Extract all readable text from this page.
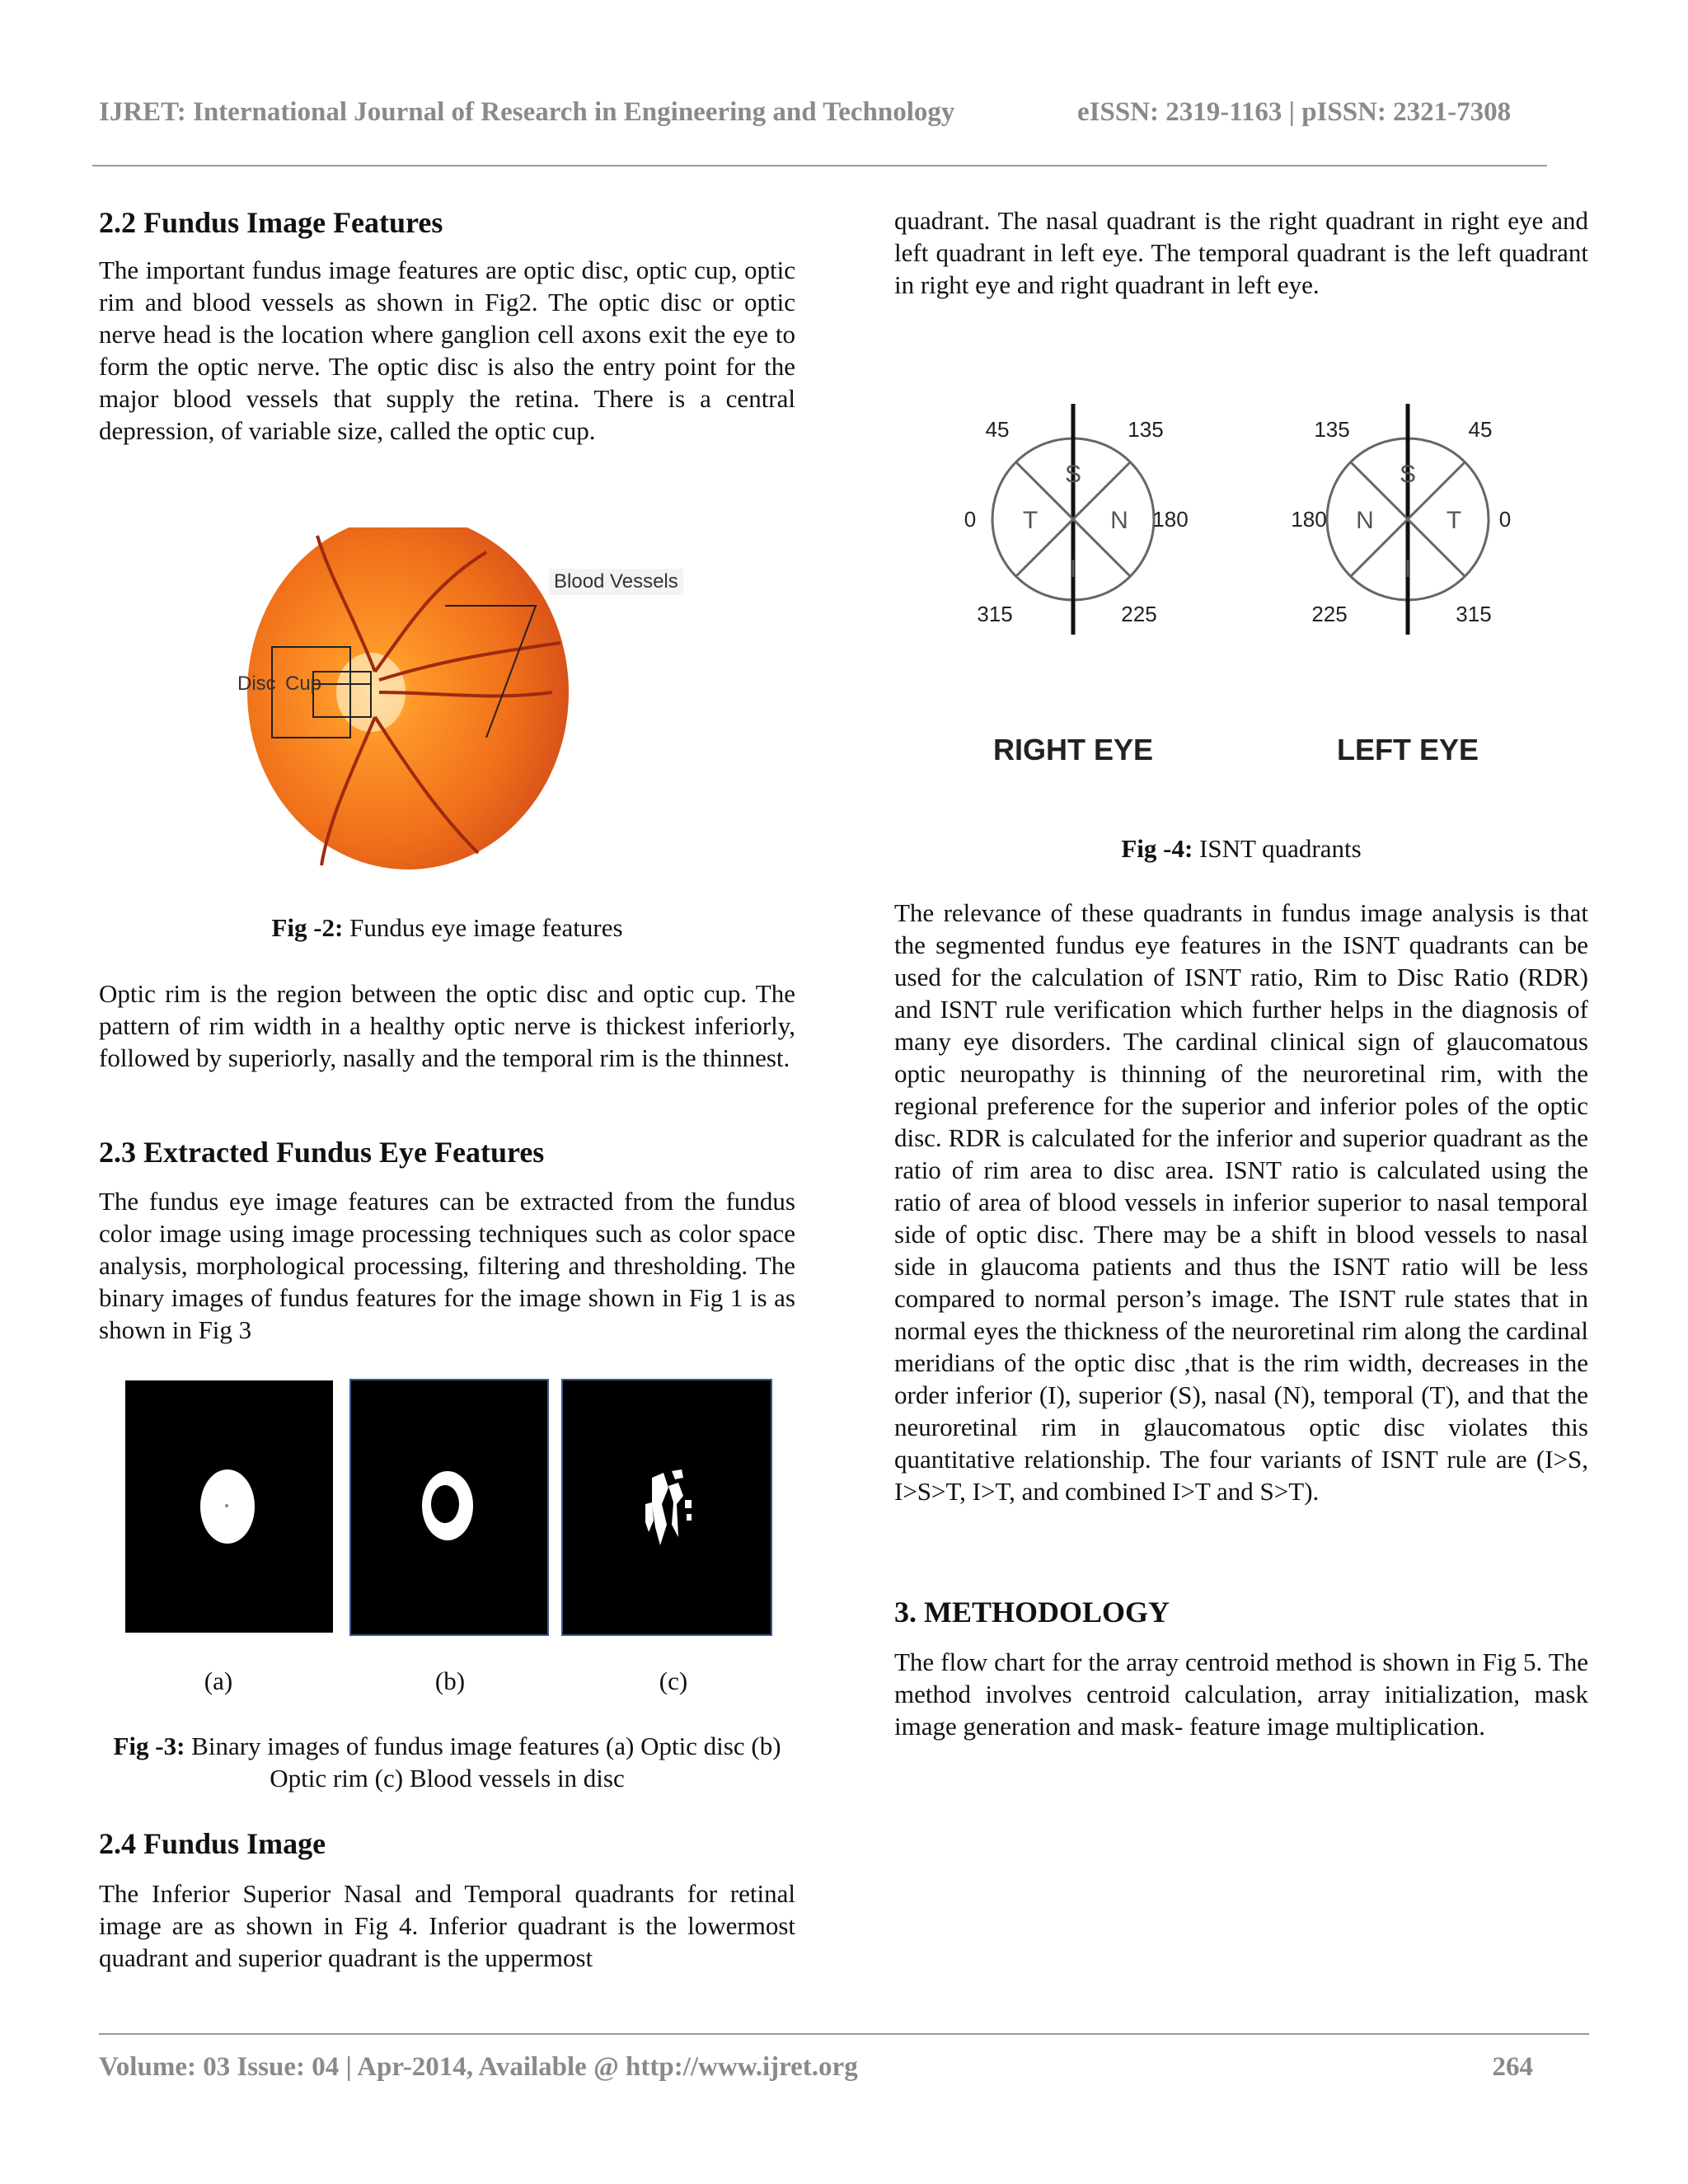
IJRET: International Journal of Research in Engineering and Technology	eISSN: 2319-1163 | pISSN: 2321-7308
2.2 Fundus Image Features

The important fundus image features are optic disc, optic cup, optic rim and blood vessels as shown in Fig2. The optic disc or optic nerve head is the location where ganglion cell axons exit the eye to form the optic nerve. The optic disc is also the entry point for the major blood vessels that supply the retina. There is a central depression, of variable size, called the optic cup.

Disc Cup
Blood Vessels
Fig -2: Fundus eye image features

Optic rim is the region between the optic disc and optic cup. The pattern of rim width in a healthy optic nerve is thickest inferiorly, followed by superiorly, nasally and the temporal rim is the thinnest.

2.3 Extracted Fundus Eye Features

The fundus eye image features can be extracted from the fundus color image using image processing techniques such as color space analysis, morphological processing, filtering and thresholding. The binary images of fundus features for the image shown in Fig 1 is as shown in Fig 3

(a)	(b)	(c)
Fig -3: Binary images of fundus image features (a) Optic disc (b) Optic rim (c) Blood vessels in disc
2.4 Fundus Image

The Inferior Superior Nasal and Temporal quadrants for retinal image are as shown in Fig 4. Inferior quadrant is the lowermost quadrant and superior quadrant is the uppermost

quadrant. The nasal quadrant is the right quadrant in right eye and left quadrant in left eye. The temporal quadrant is the left quadrant in right eye and right quadrant in left eye.

45	135
0	180
315	225
S
T	N
I
RIGHT EYE
135	45
180	0
225	315
S
N	T
I
LEFT EYE
Fig -4: ISNT quadrants

The relevance of these quadrants in fundus image analysis is that the segmented fundus eye features in the ISNT quadrants can be used for the calculation of ISNT ratio, Rim to Disc Ratio (RDR) and ISNT rule verification which further helps in the diagnosis of many eye disorders. The cardinal clinical sign of glaucomatous optic neuropathy is thinning of the neuroretinal rim, with the regional preference for the superior and inferior poles of the optic disc. RDR is calculated for the inferior and superior quadrant as the ratio of rim area to disc area. ISNT ratio is calculated using the ratio of area of blood vessels in inferior superior to nasal temporal side of optic disc. There may be a shift in blood vessels to nasal side in glaucoma patients and thus the ISNT ratio will be less compared to normal person’s image. The ISNT rule states that in normal eyes the thickness of the neuroretinal rim along the cardinal meridians of the optic disc ,that is the rim width, decreases in the order inferior (I), superior (S), nasal (N), temporal (T), and that the neuroretinal rim in glaucomatous optic disc violates this quantitative relationship. The four variants of ISNT rule are (I>S, I>S>T, I>T, and combined I>T and S>T).

3. METHODOLOGY

The flow chart for the array centroid method is shown in Fig 5. The method involves centroid calculation, array initialization, mask image generation and mask- feature image multiplication.

Volume: 03 Issue: 04 | Apr-2014, Available @ http://www.ijret.org	264
